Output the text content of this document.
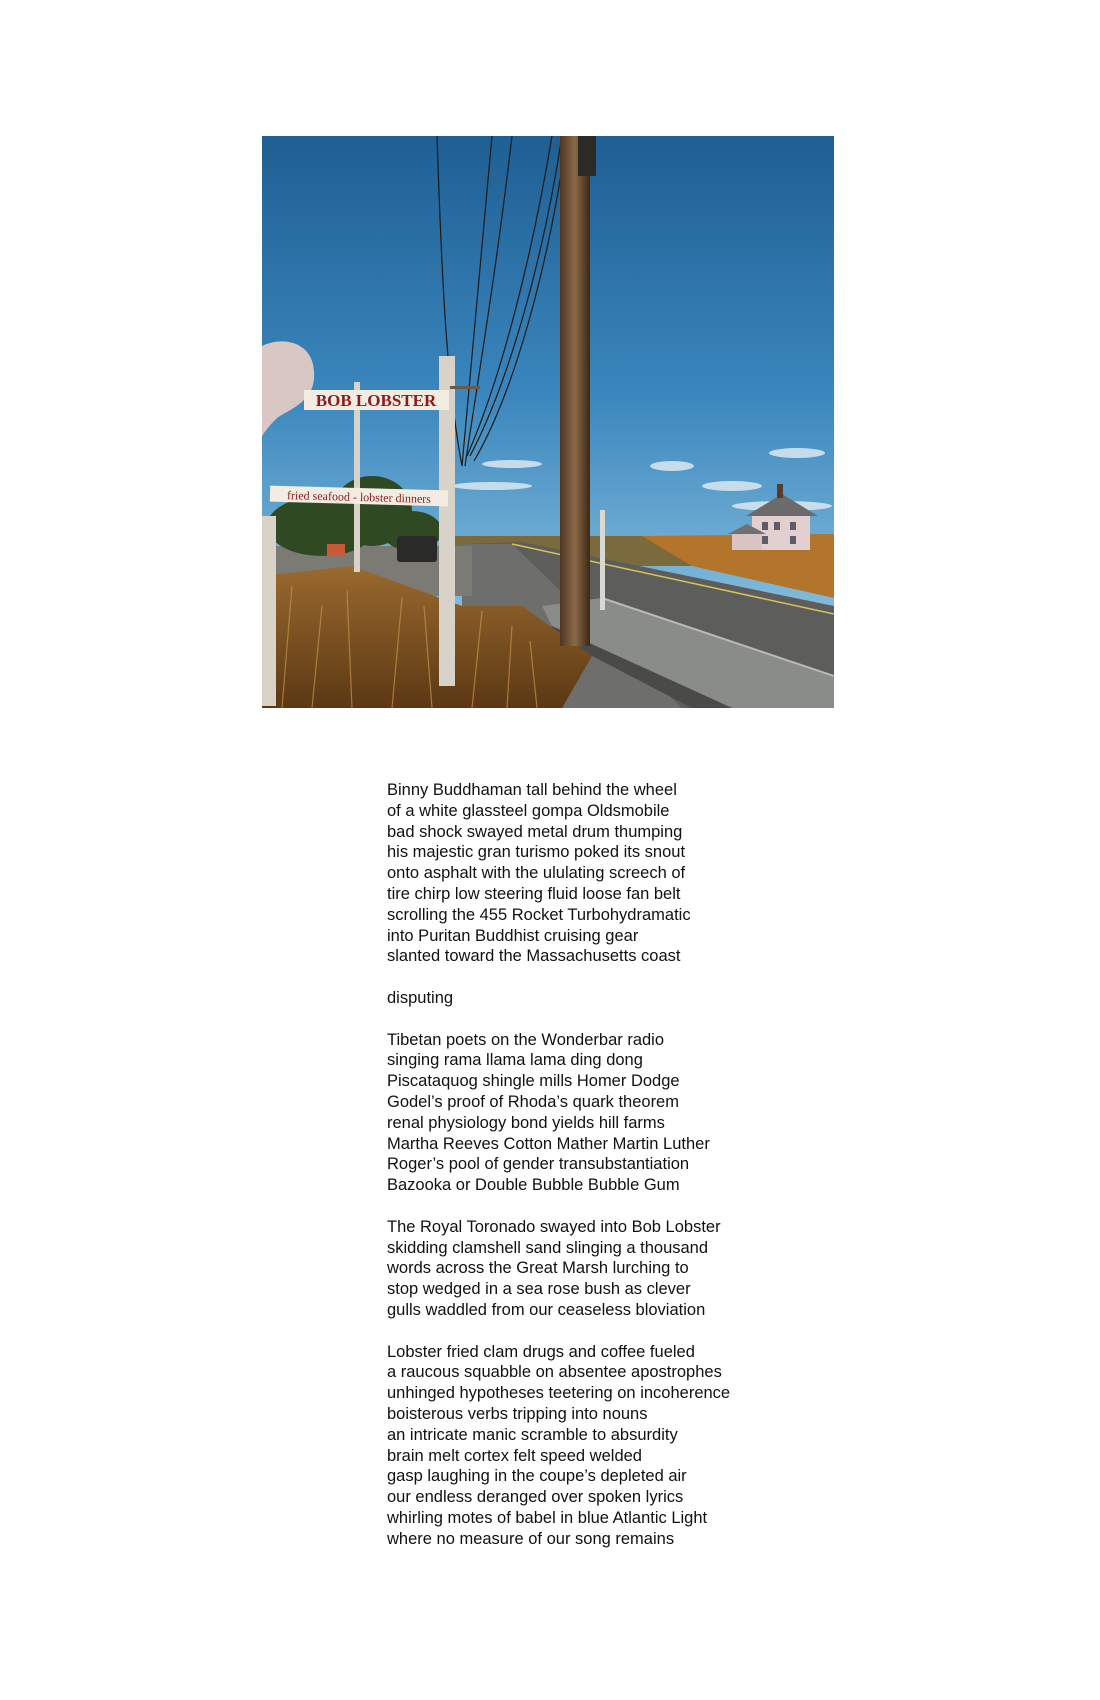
BOB LOBSTER
fried seafood - lobster dinners
Binny Buddhaman tall behind the wheel
of a white glassteel gompa Oldsmobile
bad shock swayed metal drum thumping
his majestic gran turismo poked its snout
onto asphalt with the ululating screech of
tire chirp low steering fluid loose fan belt
scrolling the 455 Rocket Turbohydramatic
into Puritan Buddhist cruising gear
slanted toward the Massachusetts coast
disputing
Tibetan poets on the Wonderbar radio
singing rama llama lama ding dong
Piscataquog shingle mills Homer Dodge
Godel’s proof of Rhoda’s quark theorem
renal physiology bond yields hill farms
Martha Reeves Cotton Mather Martin Luther
Roger’s pool of gender transubstantiation
Bazooka or Double Bubble Bubble Gum
The Royal Toronado swayed into Bob Lobster
skidding clamshell sand slinging a thousand
words across the Great Marsh lurching to
stop wedged in a sea rose bush as clever
gulls waddled from our ceaseless bloviation
Lobster fried clam drugs and coffee fueled
a raucous squabble on absentee apostrophes
unhinged hypotheses teetering on incoherence
boisterous verbs tripping into nouns
an intricate manic scramble to absurdity
brain melt cortex felt speed welded
gasp laughing in the coupe’s depleted air
our endless deranged over spoken lyrics
whirling motes of babel in blue Atlantic Light
where no measure of our song remains
